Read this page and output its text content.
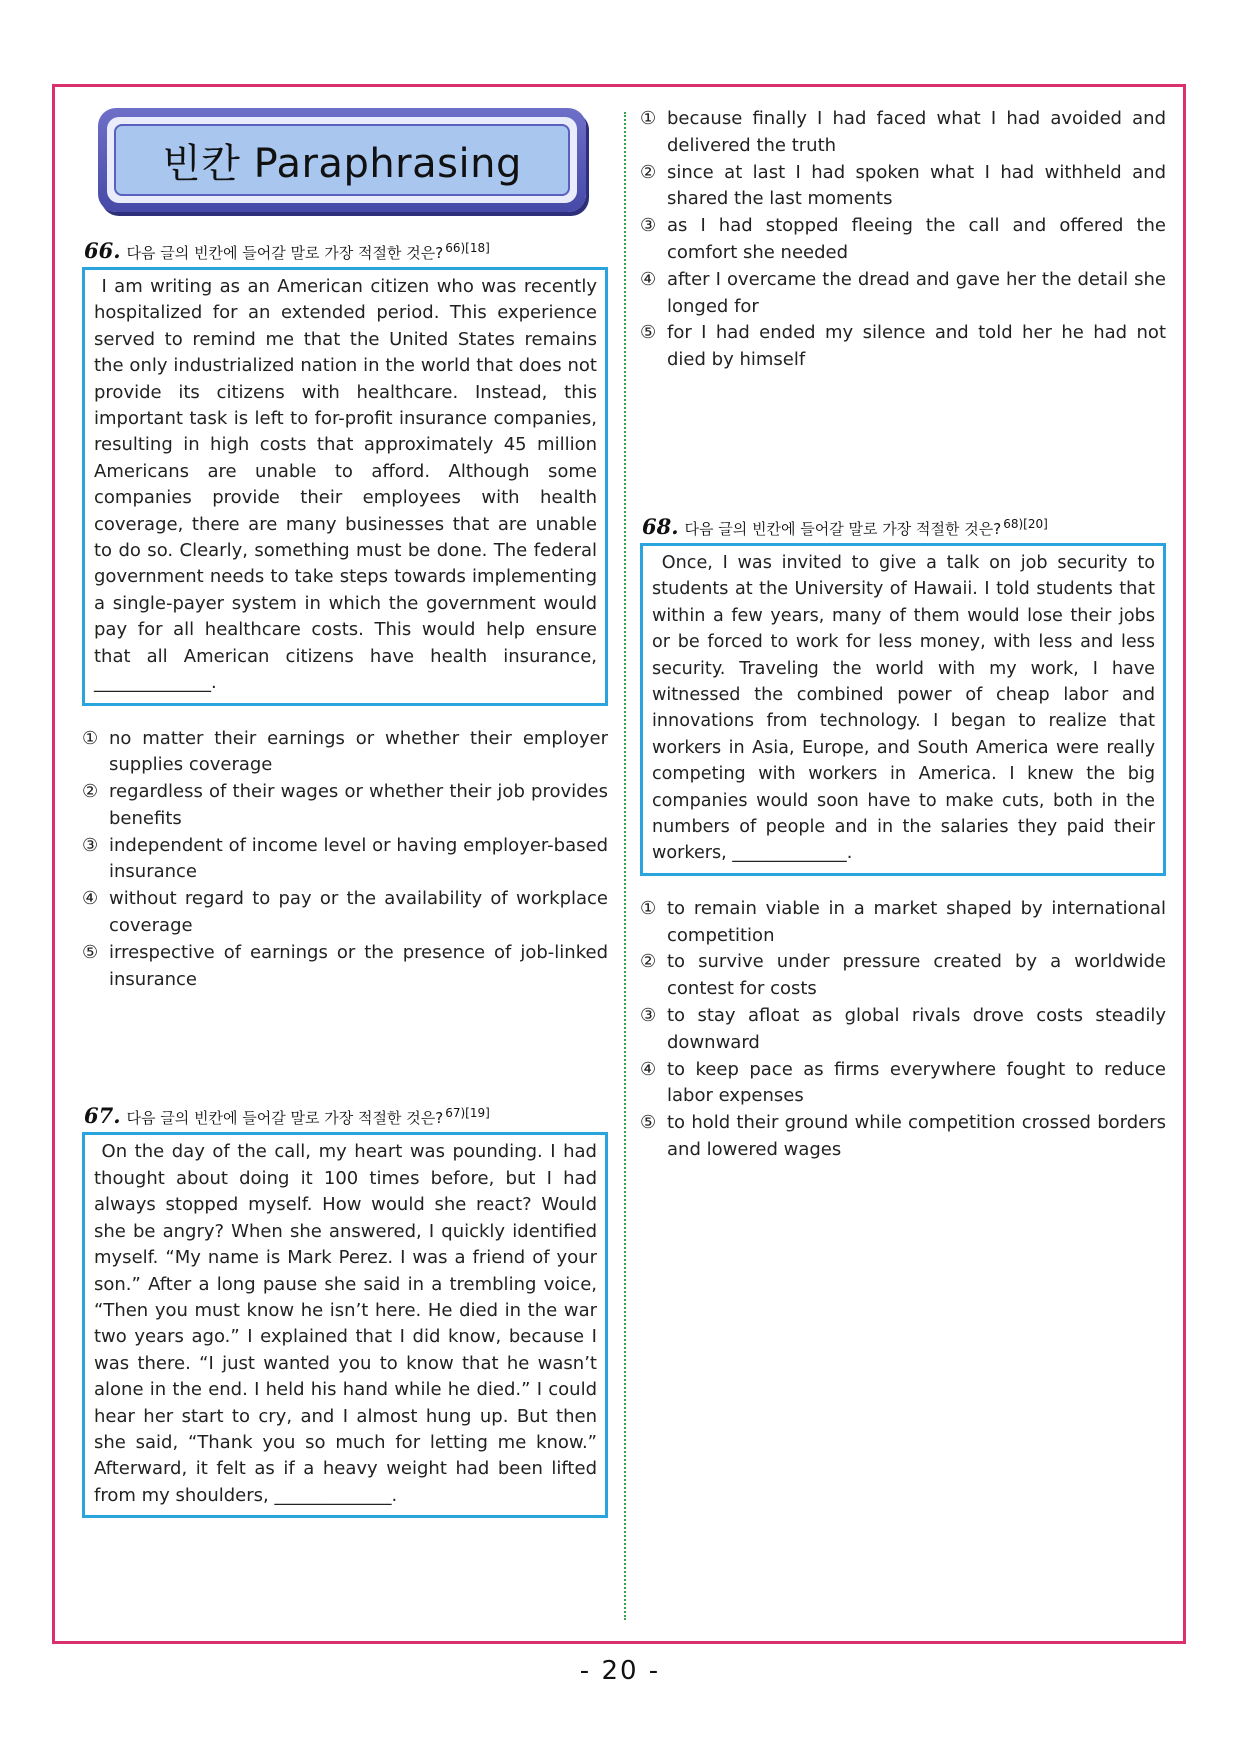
빈칸 Paraphrasing
66. 다음 글의 빈칸에 들어갈 말로 가장 적절한 것은? $^{66)[18]}$
I am writing as an American citizen who was recently hospitalized for an extended period. This experience served to remind me that the United States remains the only industrialized nation in the world that does not provide its citizens with healthcare. Instead, this important task is left to for-profit insurance companies, resulting in high costs that approximately 45 million Americans are unable to afford. Although some companies provide their employees with health coverage, there are many businesses that are unable to do so. Clearly, something must be done. The federal government needs to take steps towards implementing a single-payer system in which the government would pay for all healthcare costs. This would help ensure that all American citizens have health insurance, _____________.
① no matter their earnings or whether their employer supplies coverage
② regardless of their wages or whether their job provides benefits
③ independent of income level or having employer-based insurance
④ without regard to pay or the availability of workplace coverage
⑤ irrespective of earnings or the presence of job-linked insurance
67. 다음 글의 빈칸에 들어갈 말로 가장 적절한 것은? $^{67)[19]}$
On the day of the call, my heart was pounding. I had thought about doing it 100 times before, but I had always stopped myself. How would she react? Would she be angry? When she answered, I quickly identified myself. “My name is Mark Perez. I was a friend of your son.” After a long pause she said in a trembling voice, “Then you must know he isn’t here. He died in the war two years ago.” I explained that I did know, because I was there. “I just wanted you to know that he wasn’t alone in the end. I held his hand while he died.” I could hear her start to cry, and I almost hung up. But then she said, “Thank you so much for letting me know.” Afterward, it felt as if a heavy weight had been lifted from my shoulders, _____________.
① because finally I had faced what I had avoided and delivered the truth
② since at last I had spoken what I had withheld and shared the last moments
③ as I had stopped fleeing the call and offered the comfort she needed
④ after I overcame the dread and gave her the detail she longed for
⑤ for I had ended my silence and told her he had not died by himself
68. 다음 글의 빈칸에 들어갈 말로 가장 적절한 것은? $^{68)[20]}$
Once, I was invited to give a talk on job security to students at the University of Hawaii. I told students that within a few years, many of them would lose their jobs or be forced to work for less money, with less and less security. Traveling the world with my work, I have witnessed the combined power of cheap labor and innovations from technology. I began to realize that workers in Asia, Europe, and South America were really competing with workers in America. I knew the big companies would soon have to make cuts, both in the numbers of people and in the salaries they paid their workers, _____________.
① to remain viable in a market shaped by international competition
② to survive under pressure created by a worldwide contest for costs
③ to stay afloat as global rivals drove costs steadily downward
④ to keep pace as firms everywhere fought to reduce labor expenses
⑤ to hold their ground while competition crossed borders and lowered wages
- 20 -
